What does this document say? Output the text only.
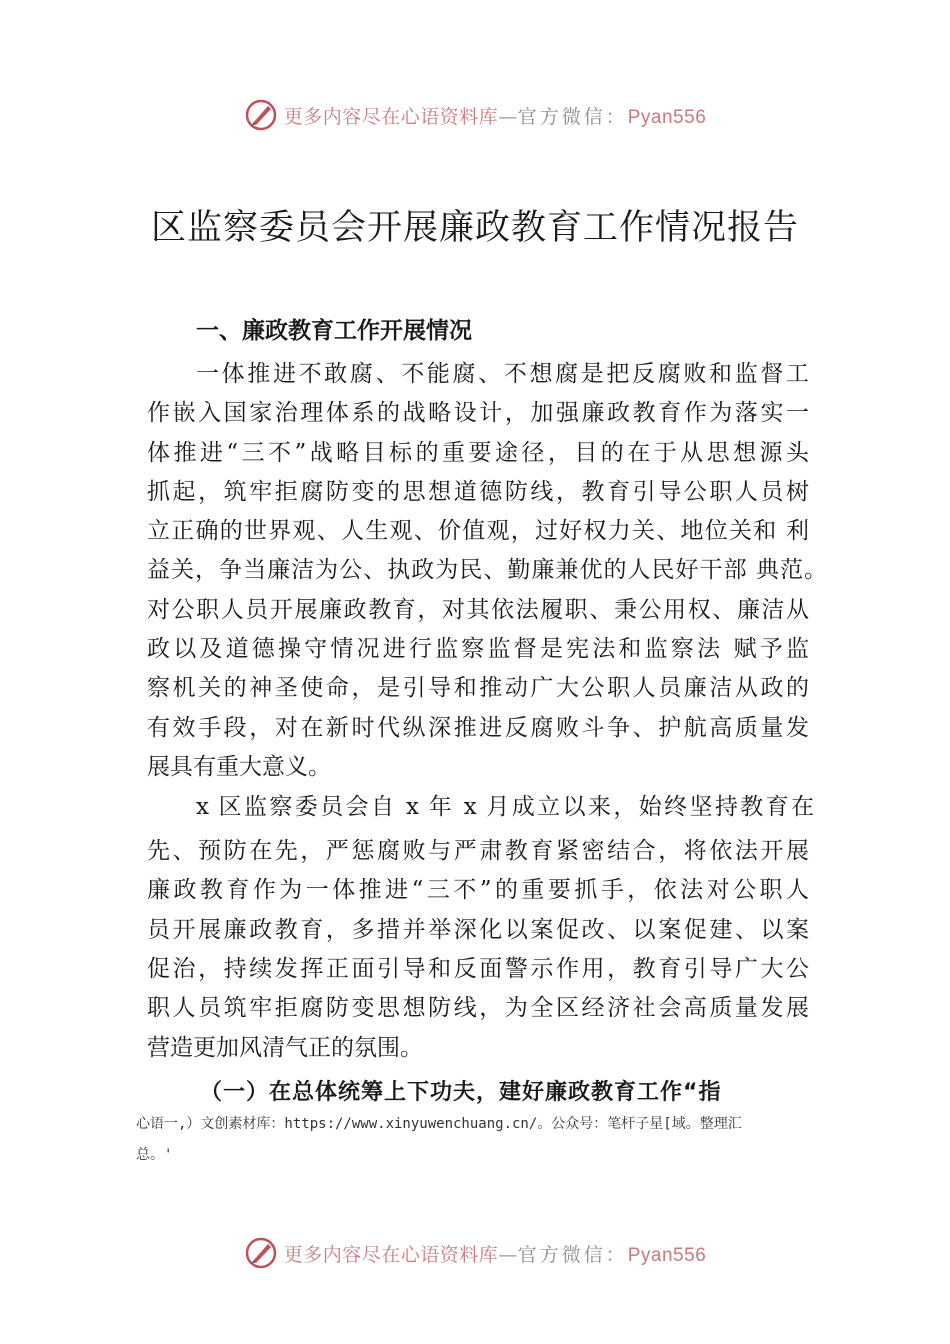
更多内容尽在心语资料库—官方微信：Pyan556
区监察委员会开展廉政教育工作情况报告
一、廉政教育工作开展情况
一体推进不敢腐、不能腐、不想腐是把反腐败和监督工
作嵌入国家治理体系的战略设计，加强廉政教育作为落实一
体推进“三不”战略目标的重要途径，目的在于从思想源头
抓起，筑牢拒腐防变的思想道德防线，教育引导公职人员树
立正确的世界观、人生观、价值观，过好权力关、地位关和 利
益关，争当廉洁为公、执政为民、勤廉兼优的人民好干部 典范。
对公职人员开展廉政教育，对其依法履职、秉公用权、廉洁从
政以及道德操守情况进行监察监督是宪法和监察法 赋予监
察机关的神圣使命，是引导和推动广大公职人员廉洁从政的
有效手段，对在新时代纵深推进反腐败斗争、护航高质量发
展具有重大意义。
x 区监察委员会自 x 年 x 月成立以来，始终坚持教育在
先、预防在先，严惩腐败与严肃教育紧密结合，将依法开展
廉政教育作为一体推进“三不”的重要抓手，依法对公职人
员开展廉政教育，多措并举深化以案促改、以案促建、以案
促治，持续发挥正面引导和反面警示作用，教育引导广大公
职人员筑牢拒腐防变思想防线，为全区经济社会高质量发展
营造更加风清气正的氛围。
（一）在总体统筹上下功夫，建好廉政教育工作“指
心语一,）文创素材库：https://www.xinyuwenchuang.cn/。公众号：笔杆子星[域。整理汇
总。'
更多内容尽在心语资料库—官方微信：Pyan556
